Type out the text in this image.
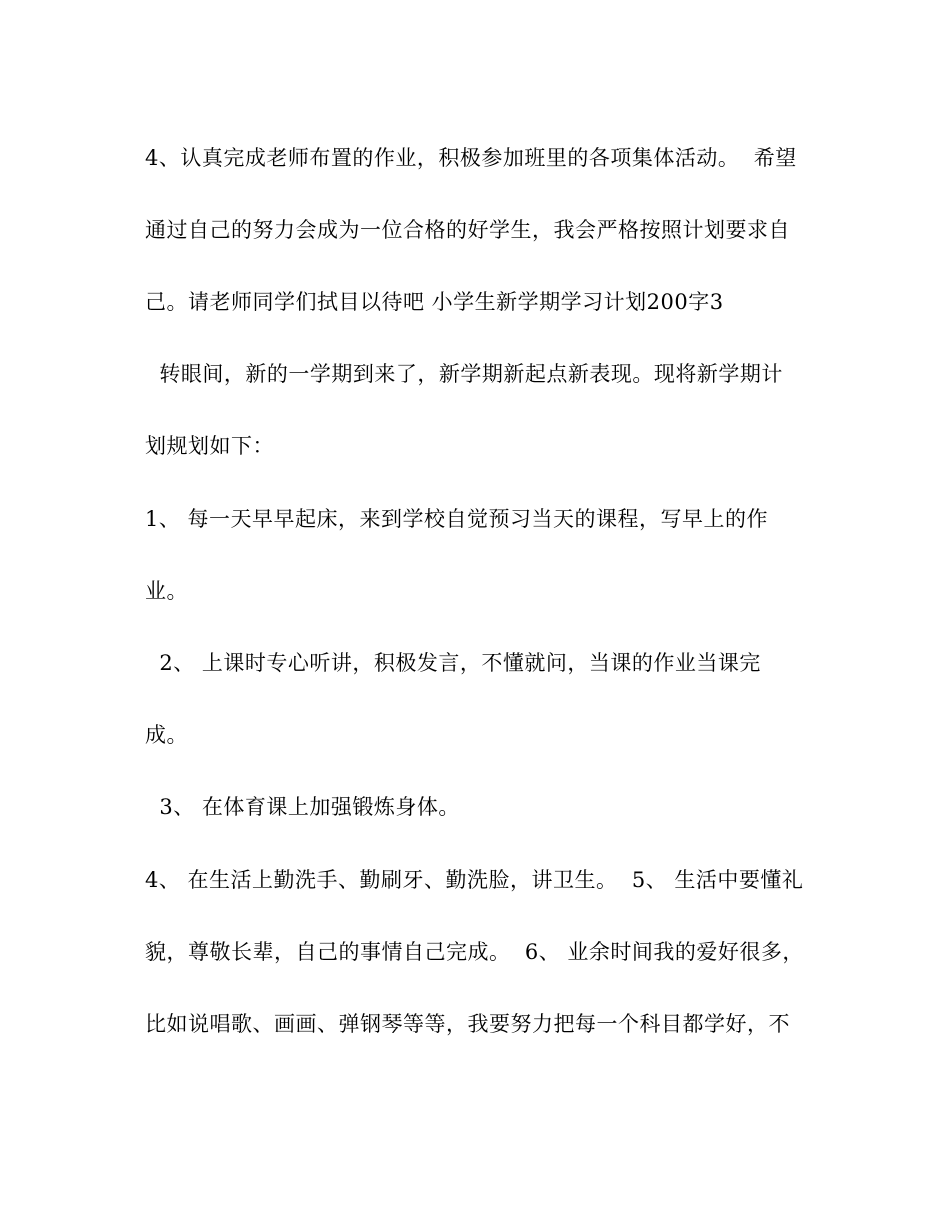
4、认真完成老师布置的作业，积极参加班里的各项集体活动。  希望
通过自己的努力会成为一位合格的好学生，我会严格按照计划要求自
己。请老师同学们拭目以待吧 小学生新学期学习计划200字3
转眼间，新的一学期到来了，新学期新起点新表现。现将新学期计
划规划如下：
1、 每一天早早起床，来到学校自觉预习当天的课程，写早上的作
业。
2、 上课时专心听讲，积极发言，不懂就问，当课的作业当课完
成。
3、 在体育课上加强锻炼身体。
4、 在生活上勤洗手、勤刷牙、勤洗脸，讲卫生。  5、 生活中要懂礼
貌，尊敬长辈，自己的事情自己完成。  6、 业余时间我的爱好很多，
比如说唱歌、画画、弹钢琴等等，我要努力把每一个科目都学好，不
